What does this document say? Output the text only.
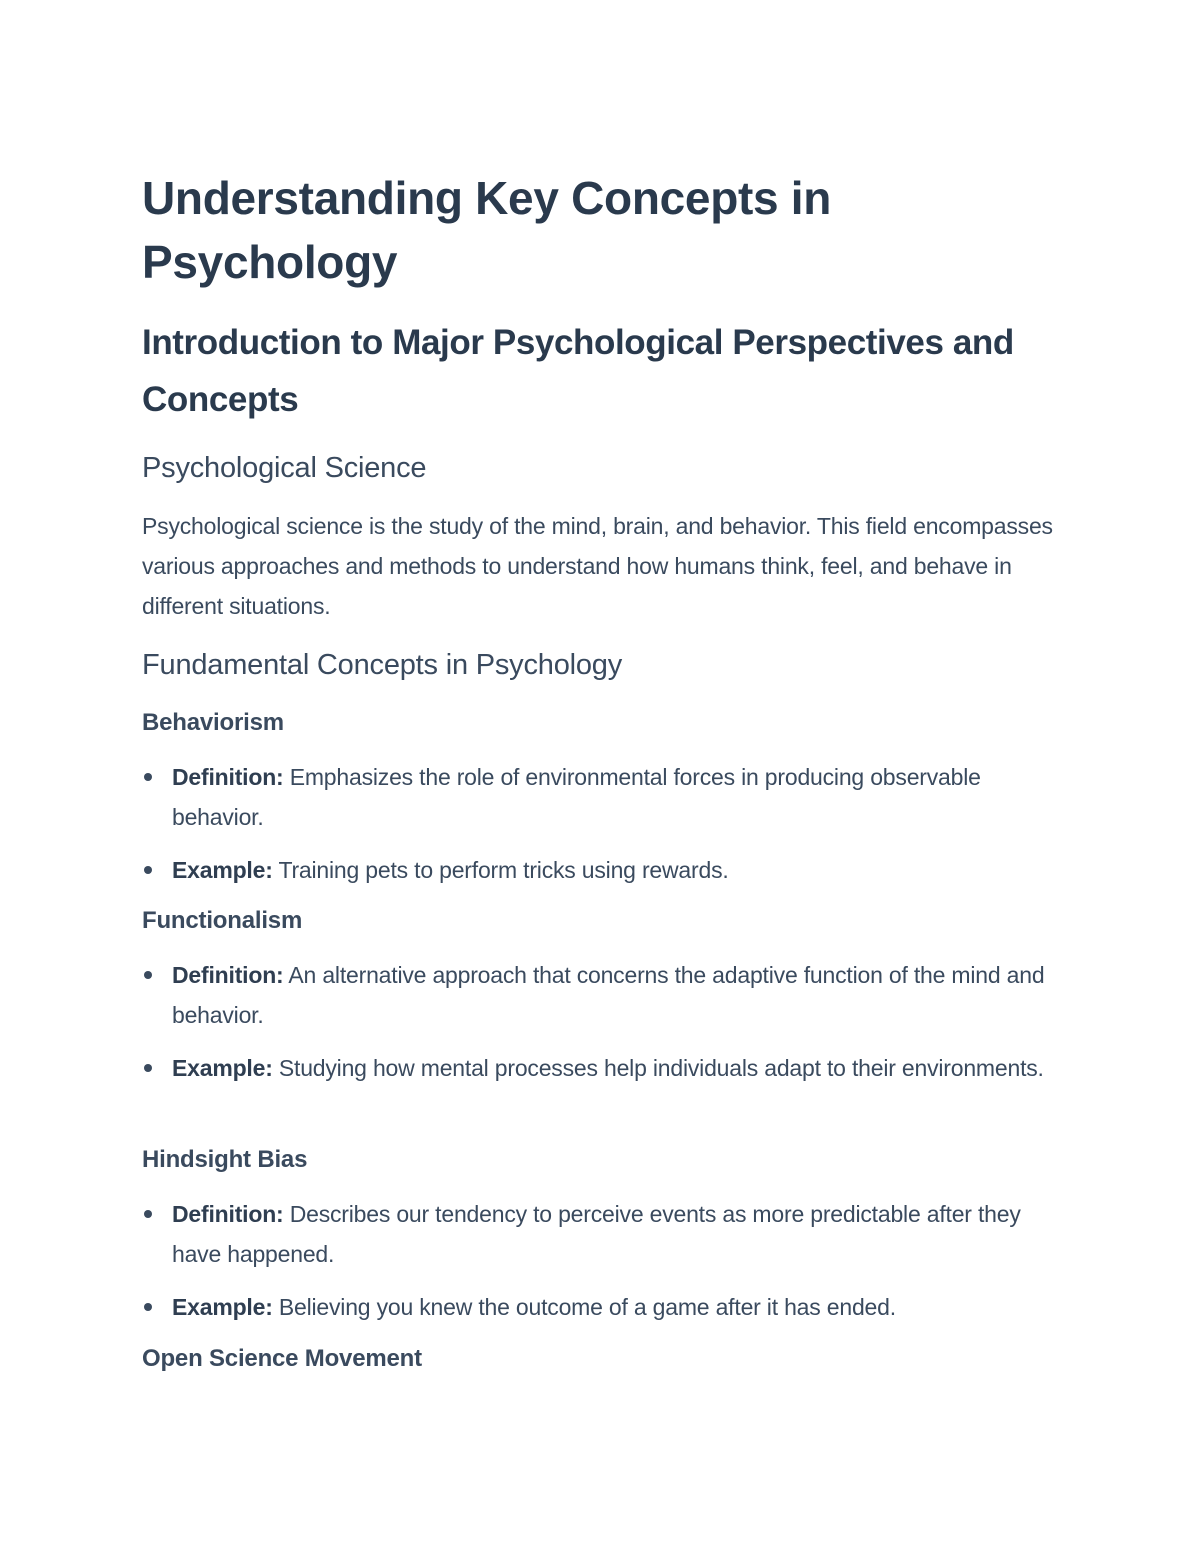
Understanding Key Concepts in Psychology
Introduction to Major Psychological Perspectives and Concepts
Psychological Science

Psychological science is the study of the mind, brain, and behavior. This field encompasses various approaches and methods to understand how humans think, feel, and behave in different situations.

Fundamental Concepts in Psychology
Behaviorism
Definition: Emphasizes the role of environmental forces in producing observable behavior.
Example: Training pets to perform tricks using rewards.
Functionalism
Definition: An alternative approach that concerns the adaptive function of the mind and behavior.
Example: Studying how mental processes help individuals adapt to their environments.
Hindsight Bias
Definition: Describes our tendency to perceive events as more predictable after they have happened.
Example: Believing you knew the outcome of a game after it has ended.
Open Science Movement
